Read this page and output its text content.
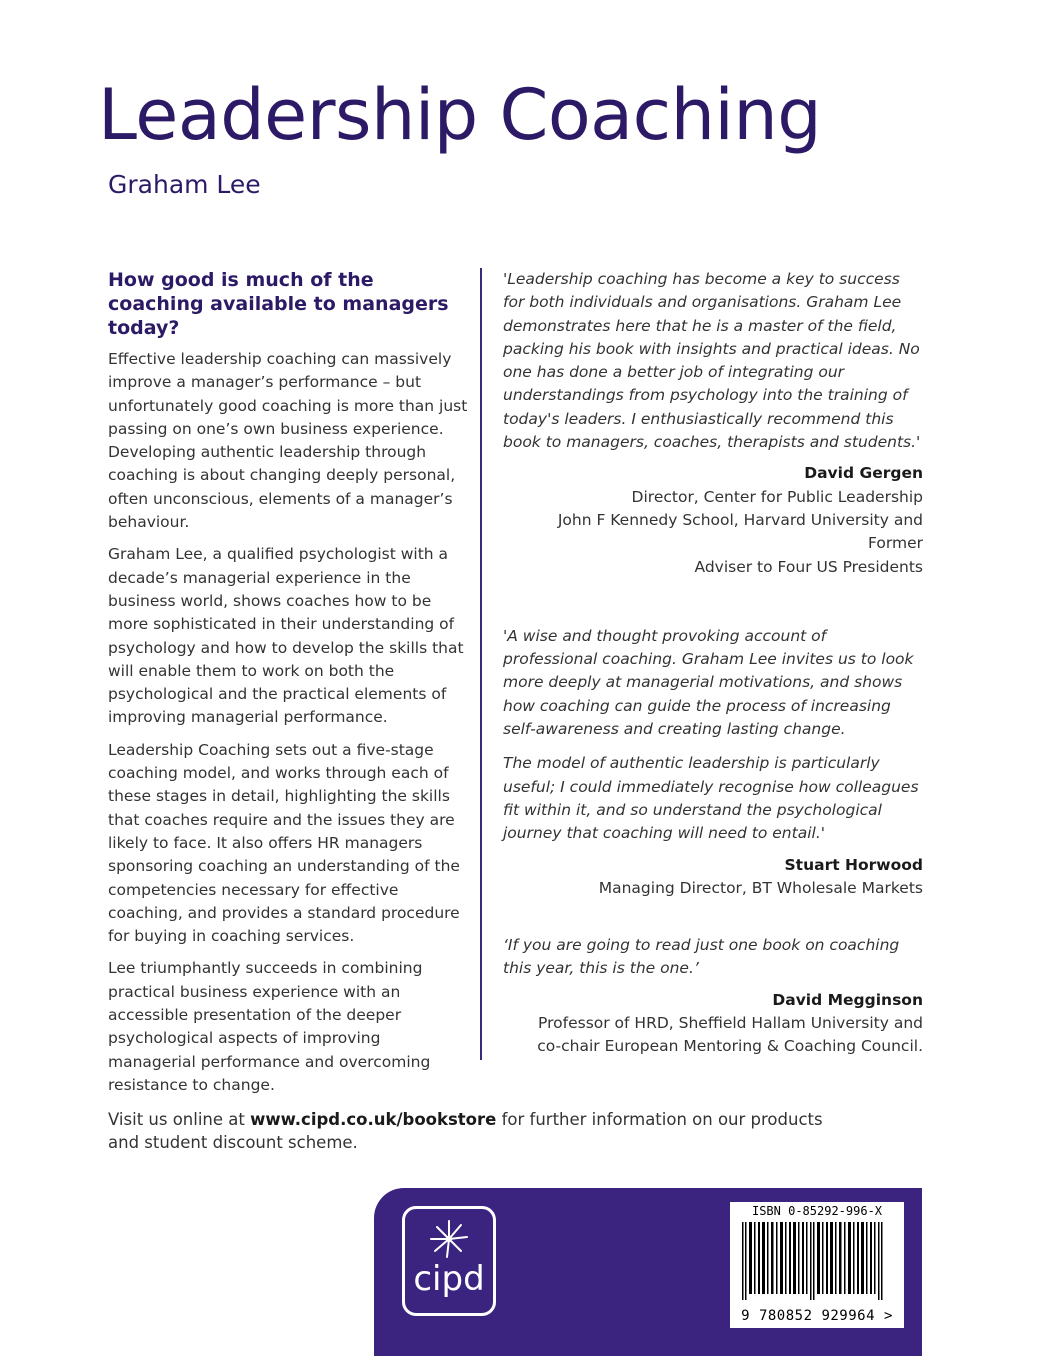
Leadership Coaching

Graham Lee

How good is much of the coaching available to managers today?

Effective leadership coaching can massively improve a manager’s performance – but unfortunately good coaching is more than just passing on one’s own business experience. Developing authentic leadership through coaching is about changing deeply personal, often unconscious, elements of a manager’s behaviour.

Graham Lee, a qualified psychologist with a decade’s managerial experience in the business world, shows coaches how to be more sophisticated in their understanding of psychology and how to develop the skills that will enable them to work on both the psychological and the practical elements of improving managerial performance.

Leadership Coaching sets out a five-stage coaching model, and works through each of these stages in detail, highlighting the skills that coaches require and the issues they are likely to face. It also offers HR managers sponsoring coaching an understanding of the competencies necessary for effective coaching, and provides a standard procedure for buying in coaching services.

Lee triumphantly succeeds in combining practical business experience with an accessible presentation of the deeper psychological aspects of improving managerial performance and overcoming resistance to change.

'Leadership coaching has become a key to success for both individuals and organisations. Graham Lee demonstrates here that he is a master of the field, packing his book with insights and practical ideas. No one has done a better job of integrating our understandings from psychology into the training of today's leaders. I enthusiastically recommend this book to managers, coaches, therapists and students.'

David Gergen
Director, Center for Public Leadership
John F Kennedy School, Harvard University and Former
Adviser to Four US Presidents

'A wise and thought provoking account of professional coaching. Graham Lee invites us to look more deeply at managerial motivations, and shows how coaching can guide the process of increasing self-awareness and creating lasting change.

The model of authentic leadership is particularly useful; I could immediately recognise how colleagues fit within it, and so understand the psychological journey that coaching will need to entail.'

Stuart Horwood
Managing Director, BT Wholesale Markets

‘If you are going to read just one book on coaching this year, this is the one.’

David Megginson
Professor of HRD, Sheffield Hallam University and
co-chair European Mentoring & Coaching Council.

Visit us online at www.cipd.co.uk/bookstore for further information on our products and student discount scheme.

cipd
ISBN 0-85292-996-X
9 780852 929964 >
